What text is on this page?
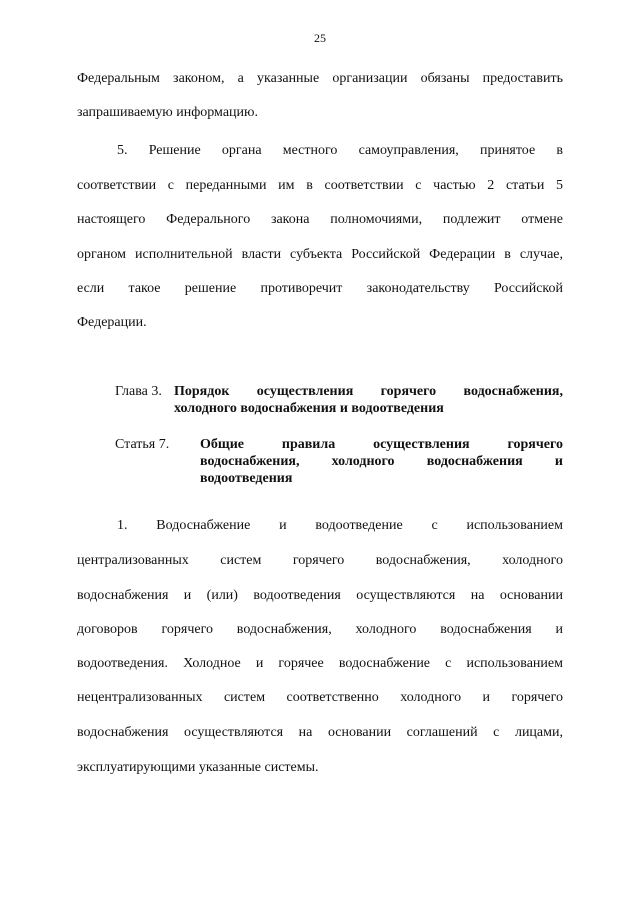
25
Федеральным законом, а указанные организации обязаны предоставить
запрашиваемую информацию.
5. Решение органа местного самоуправления, принятое в
соответствии с переданными им в соответствии с частью 2 статьи 5
настоящего Федерального закона полномочиями, подлежит отмене
органом исполнительной власти субъекта Российской Федерации в случае,
если такое решение противоречит законодательству Российской
Федерации.
Глава 3. Порядок осуществления горячего водоснабжения,
холодного водоснабжения и водоотведения
Статья 7. Общие правила осуществления горячего
водоснабжения, холодного водоснабжения и
водоотведения
1. Водоснабжение и водоотведение с использованием
централизованных систем горячего водоснабжения, холодного
водоснабжения и (или) водоотведения осуществляются на основании
договоров горячего водоснабжения, холодного водоснабжения и
водоотведения. Холодное и горячее водоснабжение с использованием
нецентрализованных систем соответственно холодного и горячего
водоснабжения осуществляются на основании соглашений с лицами,
эксплуатирующими указанные системы.
